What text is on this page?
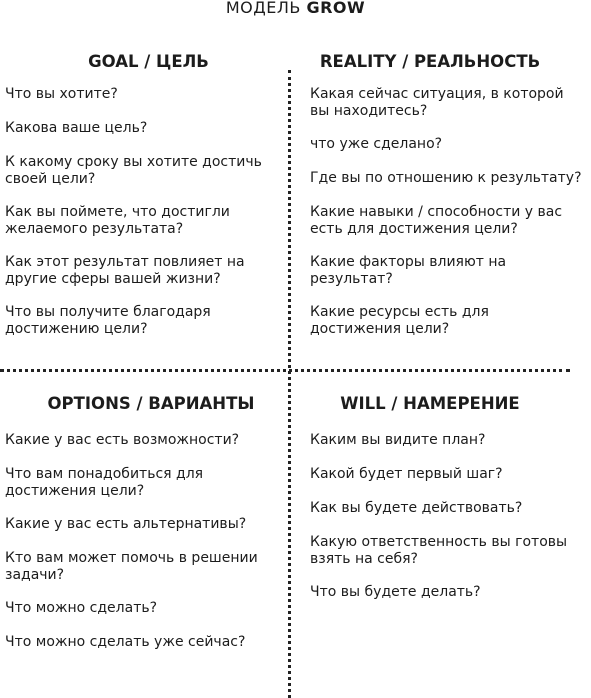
МОДЕЛЬ GROW
GOAL / ЦЕЛЬ
Что вы хотите?
Какова ваше цель?
К какому сроку вы хотите достичь
своей цели?
Как вы поймете, что достигли
желаемого результата?
Как этот результат повлияет на
другие сферы вашей жизни?
Что вы получите благодаря
достижению цели?
REALITY / РЕАЛЬНОСТЬ
Какая сейчас ситуация, в которой
вы находитесь?
что уже сделано?
Где вы по отношению к результату?
Какие навыки / способности у вас
есть для достижения цели?
Какие факторы влияют на
результат?
Какие ресурсы есть для
достижения цели?
OPTIONS / ВАРИАНТЫ
Какие у вас есть возможности?
Что вам понадобиться для
достижения цели?
Какие у вас есть альтернативы?
Кто вам может помочь в решении
задачи?
Что можно сделать?
Что можно сделать уже сейчас?
WILL / НАМЕРЕНИЕ
Каким вы видите план?
Какой будет первый шаг?
Как вы будете действовать?
Какую ответственность вы готовы
взять на себя?
Что вы будете делать?
